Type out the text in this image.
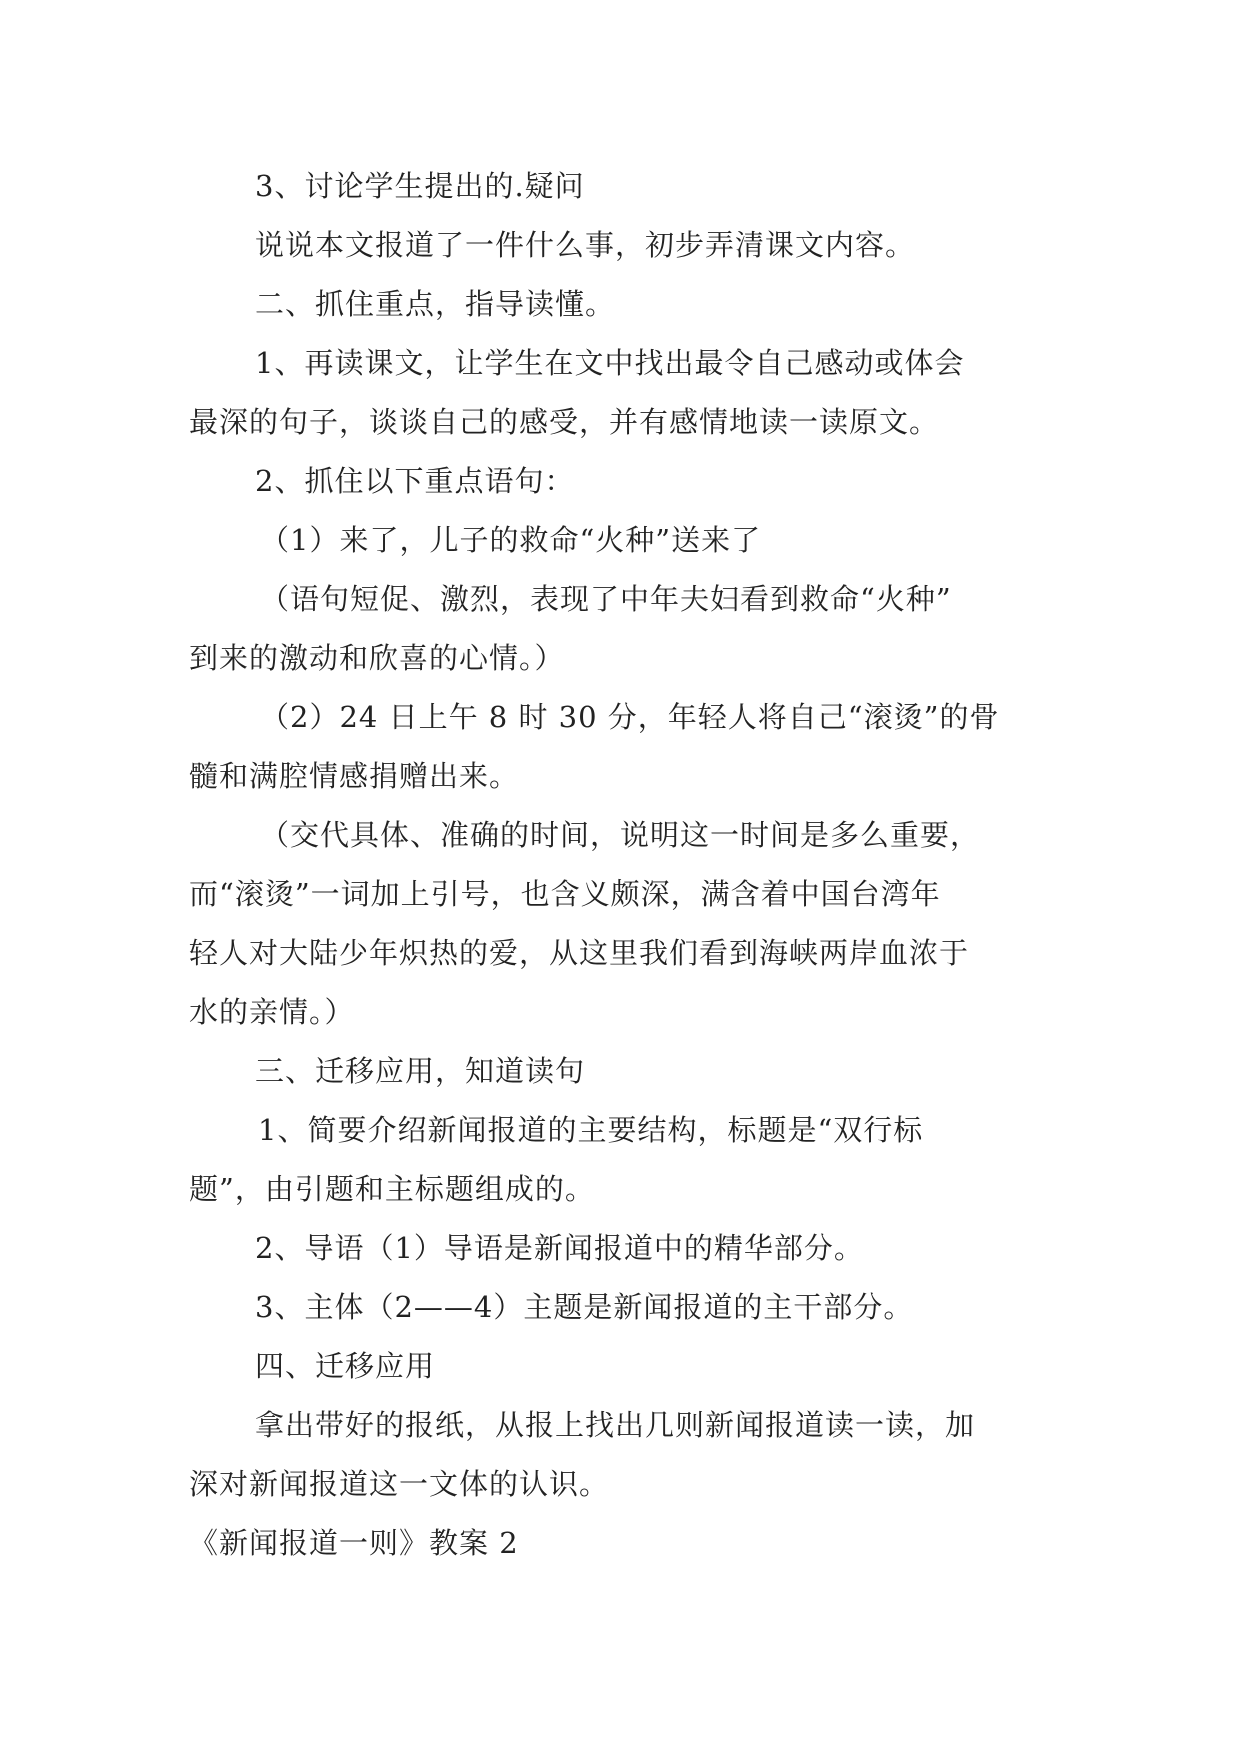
3、讨论学生提出的.疑问

说说本文报道了一件什么事，初步弄清课文内容。

二、抓住重点，指导读懂。

1、再读课文，让学生在文中找出最令自己感动或体会

最深的句子，谈谈自己的感受，并有感情地读一读原文。

2、抓住以下重点语句：

（1）来了，儿子的救命“火种”送来了

（语句短促、激烈，表现了中年夫妇看到救命“火种”

到来的激动和欣喜的心情。）

（2）24 日上午 8 时 30 分，年轻人将自己“滚烫”的骨

髓和满腔情感捐赠出来。

（交代具体、准确的时间，说明这一时间是多么重要，

而“滚烫”一词加上引号，也含义颇深，满含着中国台湾年

轻人对大陆少年炽热的爱，从这里我们看到海峡两岸血浓于

水的亲情。）

三、迁移应用，知道读句

1、简要介绍新闻报道的主要结构，标题是“双行标

题”，由引题和主标题组成的。

2、导语（1）导语是新闻报道中的精华部分。

3、主体（2——4）主题是新闻报道的主干部分。

四、迁移应用

拿出带好的报纸，从报上找出几则新闻报道读一读，加

深对新闻报道这一文体的认识。

《新闻报道一则》教案 2
